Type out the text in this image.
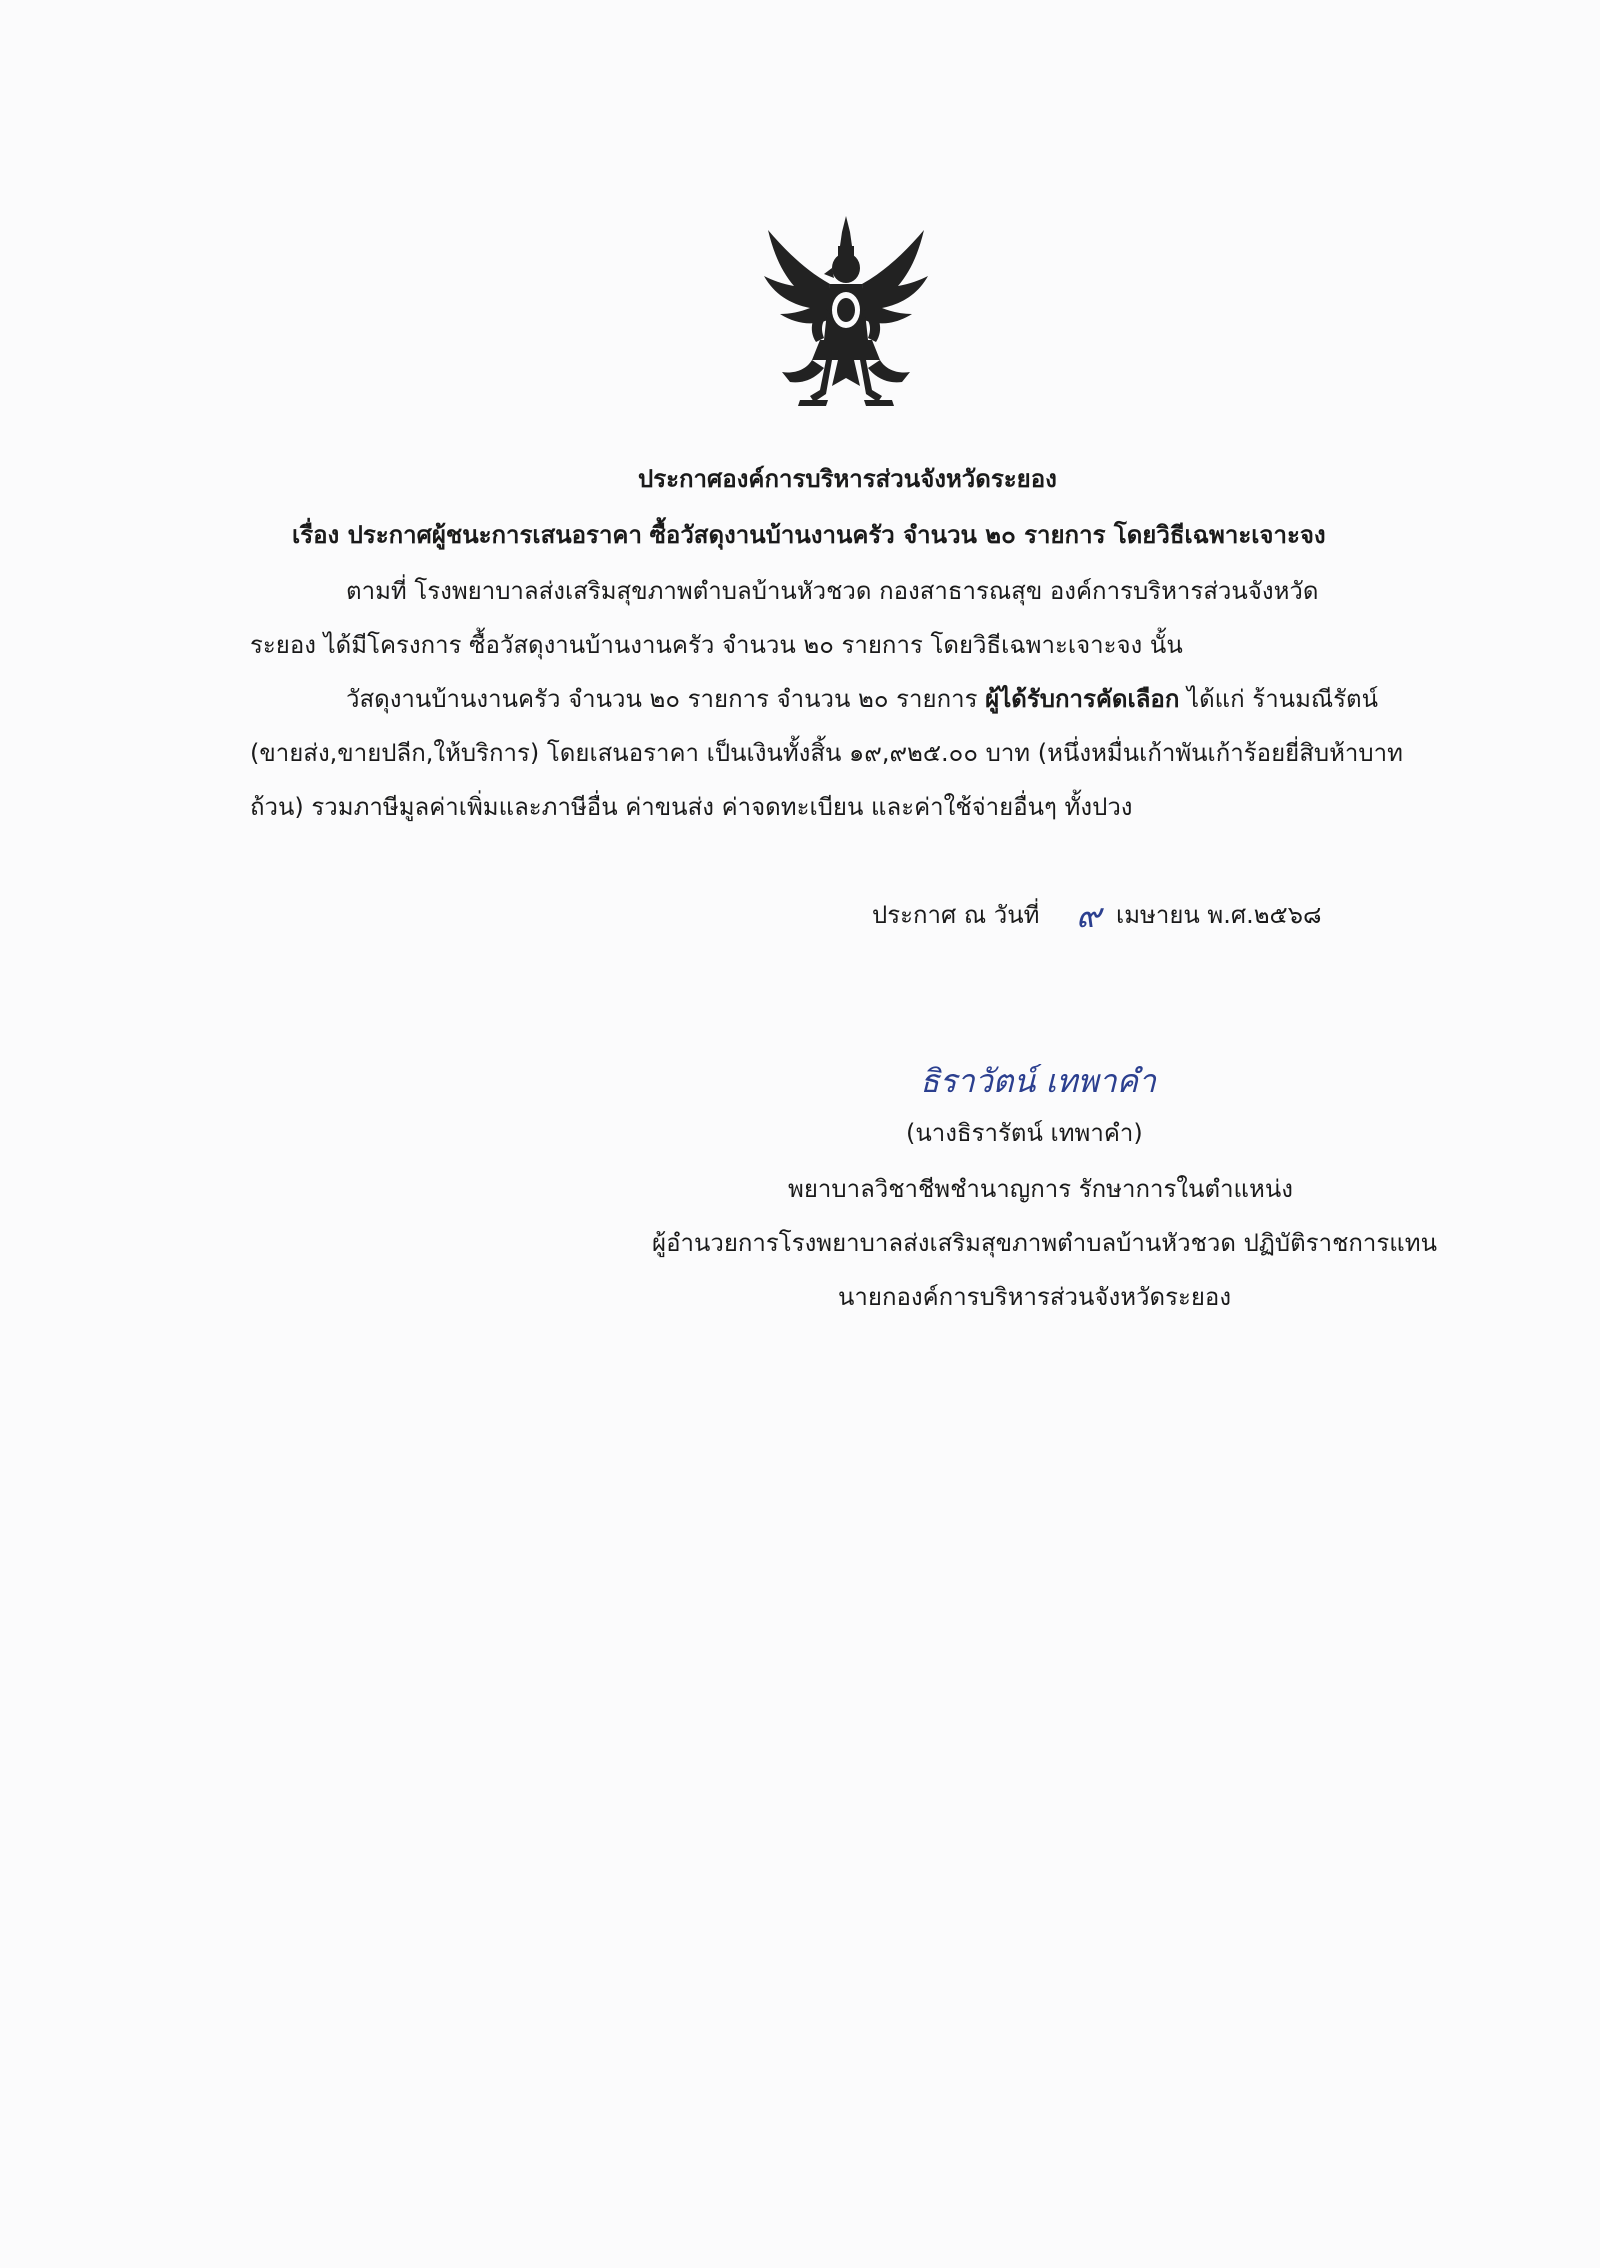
ประกาศองค์การบริหารส่วนจังหวัดระยอง
เรื่อง ประกาศผู้ชนะการเสนอราคา ซื้อวัสดุงานบ้านงานครัว จำนวน ๒๐ รายการ โดยวิธีเฉพาะเจาะจง
ตามที่ โรงพยาบาลส่งเสริมสุขภาพตำบลบ้านหัวชวด กองสาธารณสุข องค์การบริหารส่วนจังหวัด
ระยอง ได้มีโครงการ ซื้อวัสดุงานบ้านงานครัว จำนวน ๒๐ รายการ โดยวิธีเฉพาะเจาะจง นั้น
วัสดุงานบ้านงานครัว จำนวน ๒๐ รายการ จำนวน ๒๐ รายการ ผู้ได้รับการคัดเลือก ได้แก่ ร้านมณีรัตน์
(ขายส่ง,ขายปลีก,ให้บริการ) โดยเสนอราคา เป็นเงินทั้งสิ้น ๑๙,๙๒๕.๐๐ บาท (หนึ่งหมื่นเก้าพันเก้าร้อยยี่สิบห้าบาท
ถ้วน) รวมภาษีมูลค่าเพิ่มและภาษีอื่น ค่าขนส่ง ค่าจดทะเบียน และค่าใช้จ่ายอื่นๆ ทั้งปวง
ประกาศ ณ วันที่ ๙ เมษายน พ.ศ.๒๕๖๘
ธิราวัตน์ เทพาคำ
(นางธิรารัตน์ เทพาคำ)
พยาบาลวิชาชีพชำนาญการ รักษาการในตำแหน่ง
ผู้อำนวยการโรงพยาบาลส่งเสริมสุขภาพตำบลบ้านหัวชวด ปฏิบัติราชการแทน
นายกองค์การบริหารส่วนจังหวัดระยอง
